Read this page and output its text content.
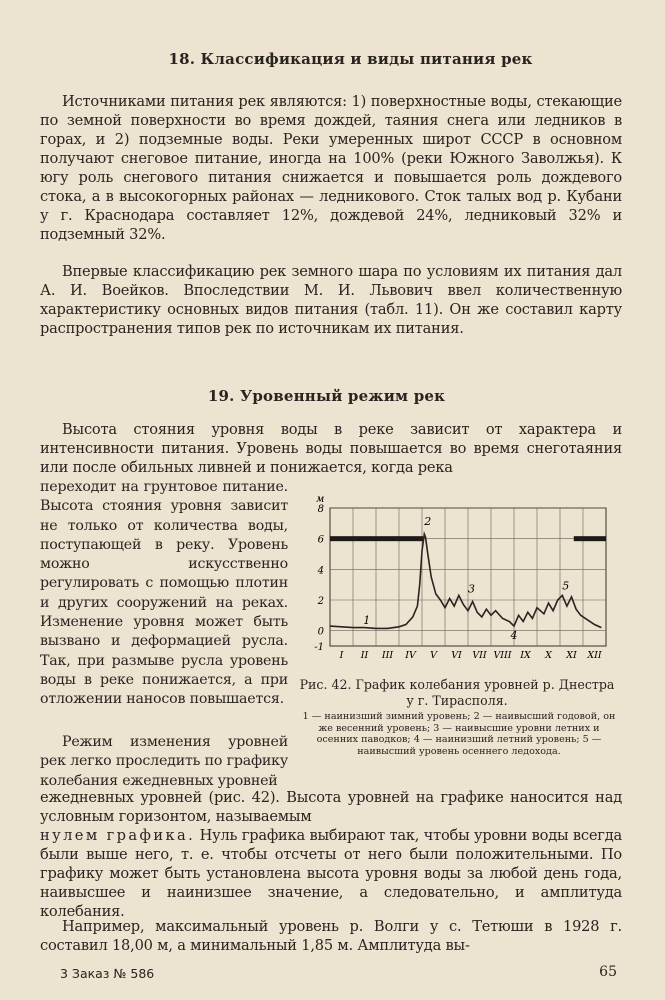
18. Классификация и виды питания рек

Источниками питания рек являются: 1) поверхностные воды, стекающие по земной поверхности во время дождей, таяния снега или ледников в горах, и 2) подземные воды. Реки умеренных широт СССР в основном получают снеговое питание, иногда на 100% (реки Южного Заволжья). К югу роль снегового питания снижается и повышается роль дождевого стока, а в высокогорных районах — ледникового. Сток талых вод р. Кубани у г. Краснодара составляет 12%, дождевой 24%, ледниковый 32% и подземный 32%.

Впервые классификацию рек земного шара по условиям их питания дал А. И. Воейков. Впоследствии М. И. Львович ввел количественную характеристику основных видов питания (табл. 11). Он же составил карту распространения типов рек по источникам их питания.

19. Уровенный режим рек

Высота стояния уровня воды в реке зависит от характера и интенсивности питания. Уровень воды повышается во время снеготаяния или после обильных ливней и понижается, когда река

переходит на грунтовое питание. Высота стояния уровня зависит не только от количества воды, поступающей в реку. Уровень можно искусственно регулировать с помощью плотин и других сооружений на реках. Изменение уровня может быть вызвано и деформацией русла. Так, при размыве русла уровень воды в реке понижается, а при отложении наносов повышается.

Режим изменения уровней рек легко проследить по графику колебания ежедневных уровней

ежедневных уровней (рис. 42). Высота уровней на графике наносится над условным горизонтом, называемым

нулем графика. Нуль графика выбирают так, чтобы уровни воды всегда были выше него, т. е. чтобы отсчеты от него были положительными. По графику может быть установлена высота уровня воды за любой день года, наивысшее и наинизшее значение, а следовательно, и амплитуда колебания.

Например, максимальный уровень р. Волги у с. Тетюши в 1928 г. составил 18,00 м, а минимальный 1,85 м. Амплитуда вы-

-1
0
2
4
6
8
I II III IV V VI VII VIII IX X XI XII
м
1
2
3
4
5
Рис. 42. График колебания уровней р. Днестра у г. Тирасполя.
1 — наинизший зимний уровень; 2 — наивысший годовой, он же весенний уровень; 3 — наивысшие уровни летних и осенних паводков; 4 — наинизший летний уровень; 5 — наивысший уровень осеннего ледохода.
3 Заказ № 586	65
